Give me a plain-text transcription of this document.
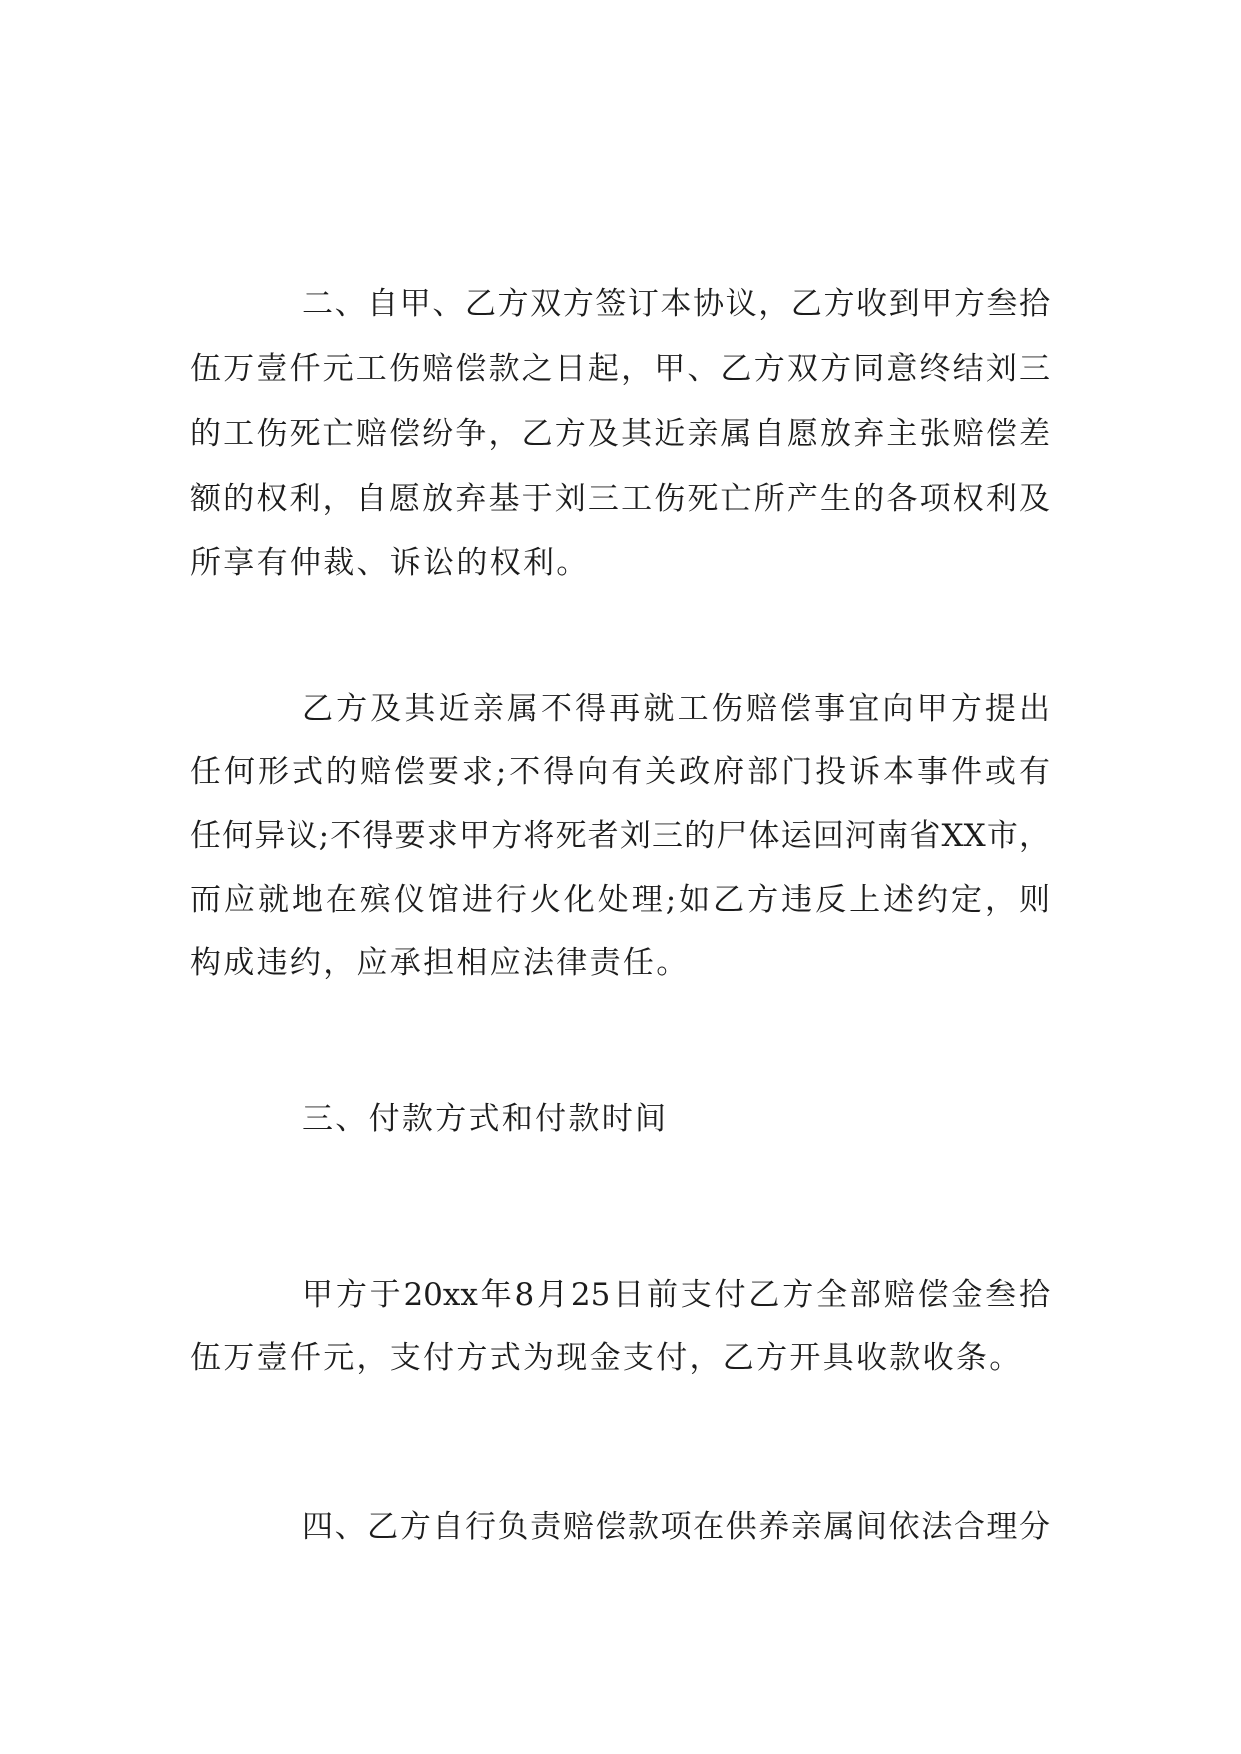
二、自甲、乙方双方签订本协议，乙方收到甲方叁拾
伍万壹仟元工伤赔偿款之日起，甲、乙方双方同意终结刘三
的工伤死亡赔偿纷争，乙方及其近亲属自愿放弃主张赔偿差
额的权利，自愿放弃基于刘三工伤死亡所产生的各项权利及
所享有仲裁、诉讼的权利。
乙方及其近亲属不得再就工伤赔偿事宜向甲方提出
任何形式的赔偿要求;不得向有关政府部门投诉本事件或有
任何异议;不得要求甲方将死者刘三的尸体运回河南省XX市，
而应就地在殡仪馆进行火化处理;如乙方违反上述约定，则
构成违约，应承担相应法律责任。
三、付款方式和付款时间
甲方于20xx年8月25日前支付乙方全部赔偿金叁拾
伍万壹仟元，支付方式为现金支付，乙方开具收款收条。
四、乙方自行负责赔偿款项在供养亲属间依法合理分
